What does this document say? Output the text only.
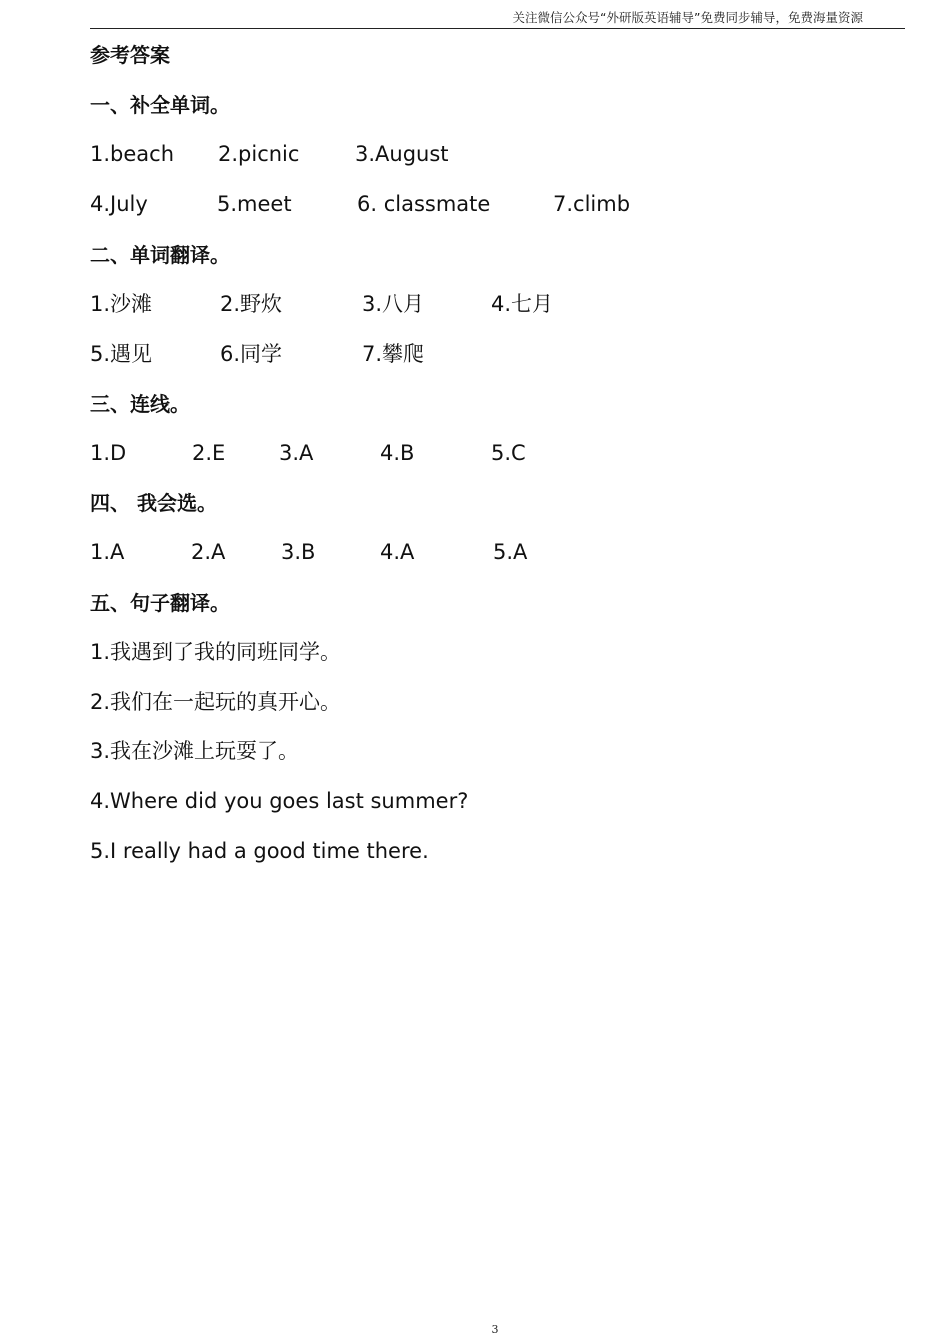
关注微信公众号“外研版英语辅导”免费同步辅导，免费海量资源
参考答案
一、补全单词。
1.beach 2.picnic	3.August
4.July	5.meet	6. classmate	7.climb
二、单词翻译。
1.沙滩	2.野炊	3.八月	4.七月
5.遇见	6.同学	7.攀爬
三、连线。
1.D	2.E	3.A	4.B	5.C
四、 我会选。
1.A	2.A	3.B	4.A	5.A
五、句子翻译。
1.我遇到了我的同班同学。
2.我们在一起玩的真开心。
3.我在沙滩上玩耍了。
4.Where did you goes last summer?
5.I really had a good time there.
3
